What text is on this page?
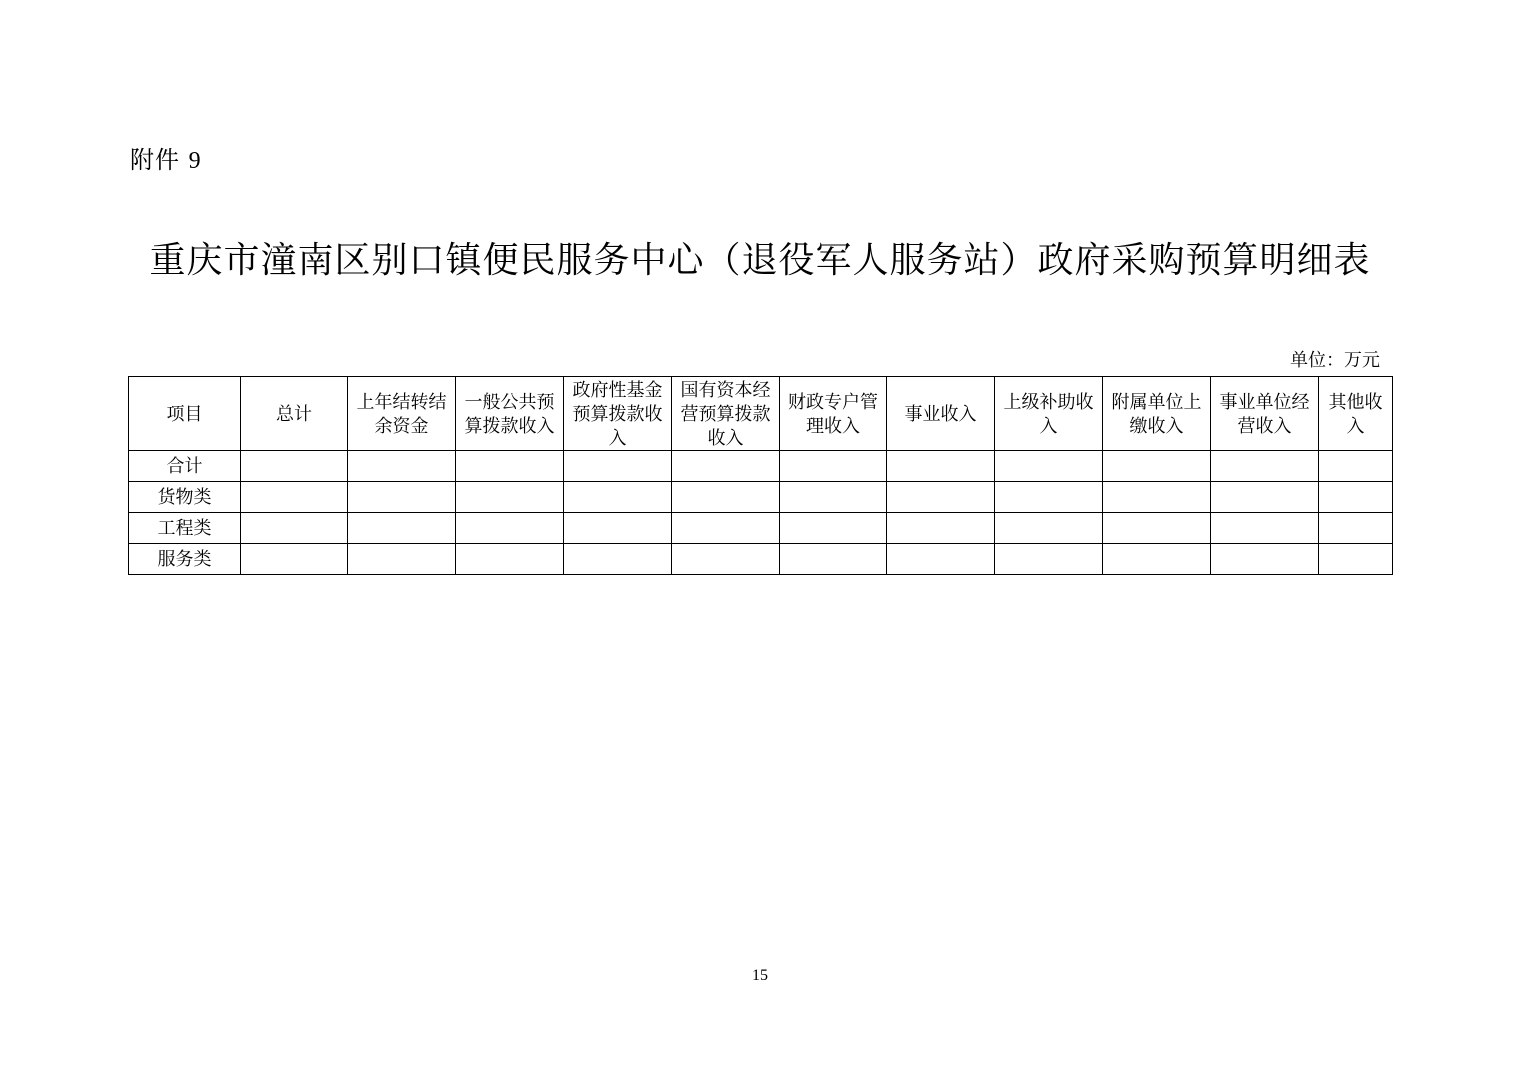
附件 9
重庆市潼南区别口镇便民服务中心（退役军人服务站）政府采购预算明细表
单位：万元
项目	总计	上年结转结余资金	一般公共预算拨款收入	政府性基金预算拨款收入	国有资本经营预算拨款收入	财政专户管理收入	事业收入	上级补助收入	附属单位上缴收入	事业单位经营收入	其他收入
合计											
货物类											
工程类											
服务类											
15
